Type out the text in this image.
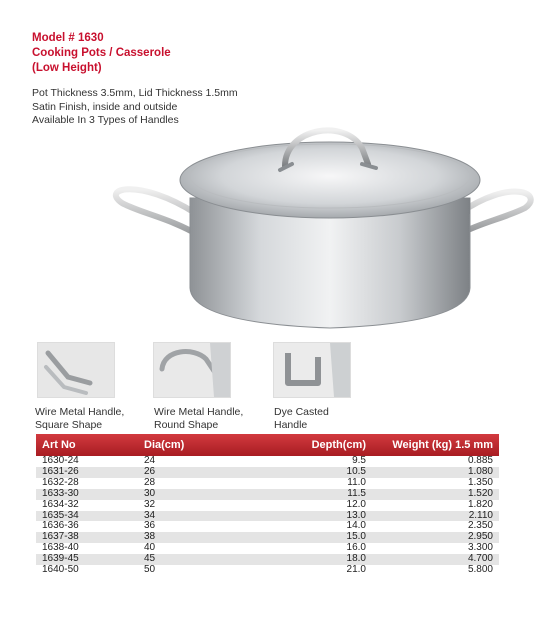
Model # 1630
Cooking Pots / Casserole
(Low Height)
Pot Thickness 3.5mm, Lid Thickness 1.5mm
Satin Finish, inside and outside
Available In 3 Types of Handles
Wire Metal Handle,
Square Shape
Wire Metal Handle,
Round Shape
Dye Casted
Handle
Art No	Dia(cm)	Depth(cm)	Weight (kg) 1.5 mm
1630-24	24	9.5	0.885
1631-26	26	10.5	1.080
1632-28	28	11.0	1.350
1633-30	30	11.5	1.520
1634-32	32	12.0	1.820
1635-34	34	13.0	2.110
1636-36	36	14.0	2.350
1637-38	38	15.0	2.950
1638-40	40	16.0	3.300
1639-45	45	18.0	4.700
1640-50	50	21.0	5.800
